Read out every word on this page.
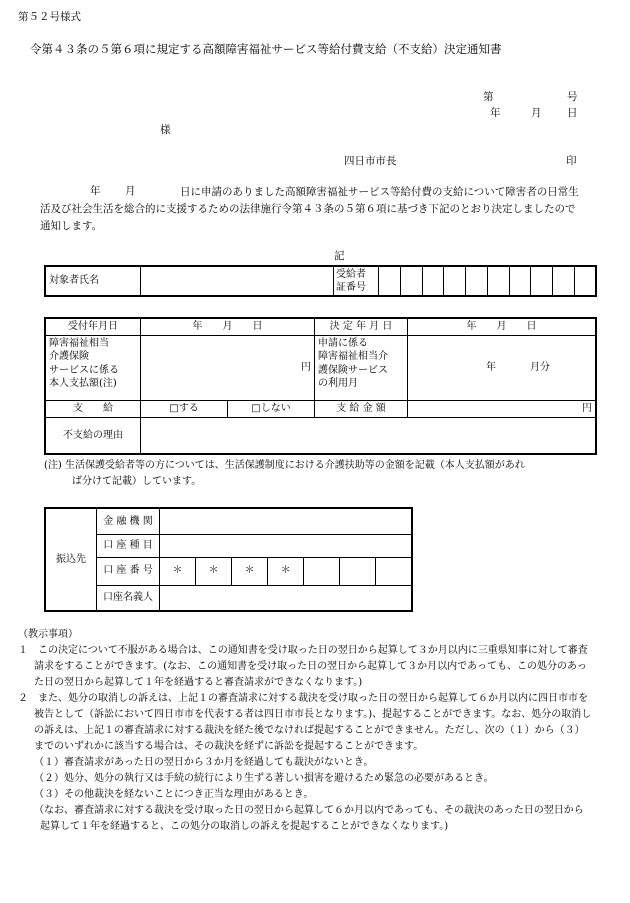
第５２号様式
令第４３条の５第６項に規定する高額障害福祉サービス等給付費支給（不支給）決定通知書
第	号
年	月 日
様
四日市市長	印
年 月	日に申請のありました高額障害福祉サービス等給付費の支給について障害者の日常生活及び社会生活を総合的に支援するための法律施行令第４３条の５第６項に基づき下記のとおり決定しましたので通知します。
記
対象者氏名		受給者
証番号										
受付年月日	年　　月　　日		決 定 年 月 日	年　　月　　日
障害福祉相当
介護保険
サービスに係る
本人支払額(注)	円		申請に係る
障害福祉相当介
護保険サービス
の利用月	年 月分
支　　給	□する	□しない	支 給 金 額	円
不支給の理由				
(注) 生活保護受給者等の方については、生活保護制度における介護扶助等の金額を記載（本人支払額があれ
ば分けて記載）しています。
振込先	金 融 機 関							
	口 座 種 目							
	口 座 番 号	＊	＊	＊	＊			
	口座名義人							

（教示事項）

１　この決定について不服がある場合は、この通知書を受け取った日の翌日から起算して３か月以内に三重県知事に対して審査請求をすることができます。(なお、この通知書を受け取った日の翌日から起算して３か月以内であっても、この処分のあった日の翌日から起算して１年を経過すると審査請求ができなくなります。)

２　また、処分の取消しの訴えは、上記１の審査請求に対する裁決を受け取った日の翌日から起算して６か月以内に四日市市を被告として（訴訟において四日市市を代表する者は四日市市長となります。)、提起することができます。なお、処分の取消しの訴えは、上記１の審査請求に対する裁決を経た後でなければ提起することができません。ただし、次の（１）から（３）までのいずれかに該当する場合は、その裁決を経ずに訴訟を提起することができます。

（１）審査請求があった日の翌日から３か月を経過しても裁決がないとき。

（２）処分、処分の執行又は手続の続行により生ずる著しい損害を避けるため緊急の必要があるとき。

（３）その他裁決を経ないことにつき正当な理由があるとき。

（なお、審査請求に対する裁決を受け取った日の翌日から起算して６か月以内であっても、その裁決のあった日の翌日から起算して１年を経過すると、この処分の取消しの訴えを提起することができなくなります。)
